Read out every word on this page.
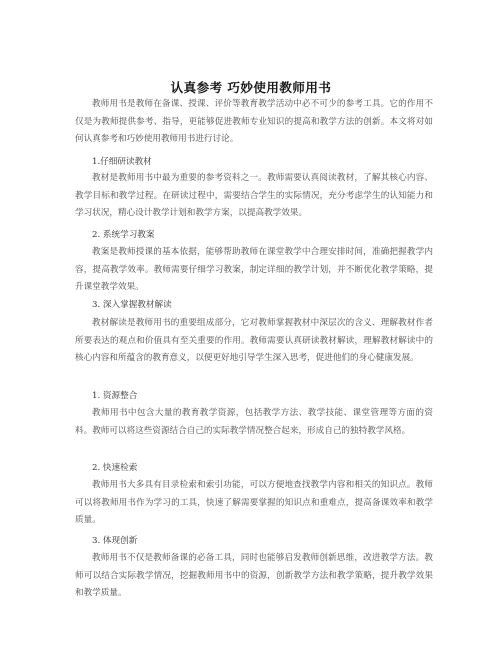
认真参考 巧妙使用教师用书
教师用书是教师在备课、授课、评价等教育教学活动中必不可少的参考工具。它的作用不仅是为教师提供参考、指导，更能够促进教师专业知识的提高和教学方法的创新。本文将对如何认真参考和巧妙使用教师用书进行讨论。
1.仔细研读教材
教材是教师用书中最为重要的参考资料之一。教师需要认真阅读教材，了解其核心内容、教学目标和教学过程。在研读过程中，需要结合学生的实际情况，充分考虑学生的认知能力和学习状况，精心设计教学计划和教学方案，以提高教学效果。
2. 系统学习教案
教案是教师授课的基本依据，能够帮助教师在课堂教学中合理安排时间，准确把握教学内容，提高教学效率。教师需要仔细学习教案，制定详细的教学计划，并不断优化教学策略，提升课堂教学效果。
3. 深入掌握教材解读
教材解读是教师用书的重要组成部分，它对教师掌握教材中深层次的含义、理解教材作者所要表达的观点和价值具有至关重要的作用。教师需要认真研读教材解读，理解教材解读中的核心内容和所蕴含的教育意义，以便更好地引导学生深入思考，促进他们的身心健康发展。
1. 资源整合
教师用书中包含大量的教育教学资源，包括教学方法、教学技能、课堂管理等方面的资料。教师可以将这些资源结合自己的实际教学情况整合起来，形成自己的独特教学风格。
2. 快速检索
教师用书大多具有目录检索和索引功能，可以方便地查找教学内容和相关的知识点。教师可以将教师用书作为学习的工具，快速了解需要掌握的知识点和重难点，提高备课效率和教学质量。
3. 体现创新
教师用书不仅是教师备课的必备工具，同时也能够启发教师创新思维，改进教学方法。教师可以结合实际教学情况，挖掘教师用书中的资源，创新教学方法和教学策略，提升教学效果和教学质量。
